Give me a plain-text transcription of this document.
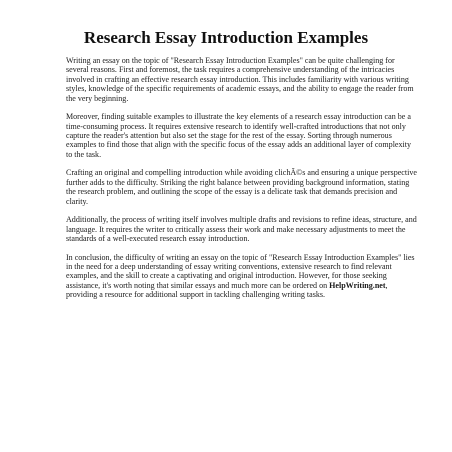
Research Essay Introduction Examples

Writing an essay on the topic of "Research Essay Introduction Examples" can be quite challenging for several reasons. First and foremost, the task requires a comprehensive understanding of the intricacies involved in crafting an effective research essay introduction. This includes familiarity with various writing styles, knowledge of the specific requirements of academic essays, and the ability to engage the reader from the very beginning.

Moreover, finding suitable examples to illustrate the key elements of a research essay introduction can be a time-consuming process. It requires extensive research to identify well-crafted introductions that not only capture the reader's attention but also set the stage for the rest of the essay. Sorting through numerous examples to find those that align with the specific focus of the essay adds an additional layer of complexity to the task.

Crafting an original and compelling introduction while avoiding clichÃ©s and ensuring a unique perspective further adds to the difficulty. Striking the right balance between providing background information, stating the research problem, and outlining the scope of the essay is a delicate task that demands precision and clarity.

Additionally, the process of writing itself involves multiple drafts and revisions to refine ideas, structure, and language. It requires the writer to critically assess their work and make necessary adjustments to meet the standards of a well-executed research essay introduction.

In conclusion, the difficulty of writing an essay on the topic of "Research Essay Introduction Examples" lies in the need for a deep understanding of essay writing conventions, extensive research to find relevant examples, and the skill to create a captivating and original introduction. However, for those seeking assistance, it's worth noting that similar essays and much more can be ordered on HelpWriting.net, providing a resource for additional support in tackling challenging writing tasks.
